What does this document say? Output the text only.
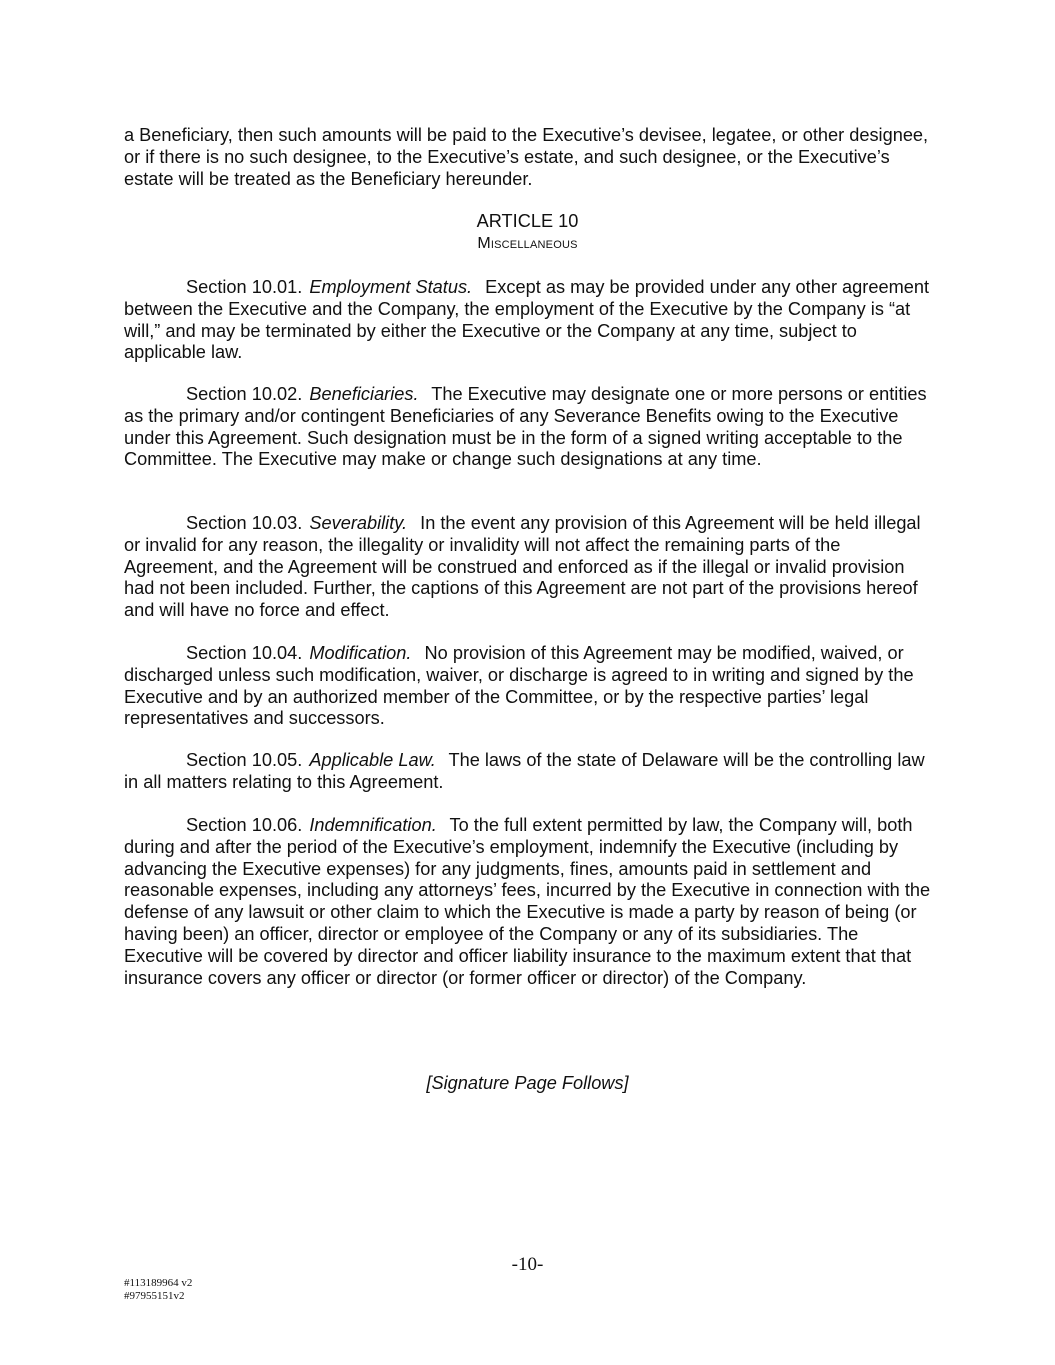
a Beneficiary, then such amounts will be paid to the Executive’s devisee, legatee, or other designee, or if there is no such designee, to the Executive’s estate, and such designee, or the Executive’s estate will be treated as the Beneficiary hereunder.

ARTICLE 10
Miscellaneous

Section 10.01. Employment Status. Except as may be provided under any other agreement between the Executive and the Company, the employment of the Executive by the Company is “at will,” and may be terminated by either the Executive or the Company at any time, subject to applicable law.

Section 10.02. Beneficiaries. The Executive may designate one or more persons or entities as the primary and/or contingent Beneficiaries of any Severance Benefits owing to the Executive under this Agreement. Such designation must be in the form of a signed writing acceptable to the Committee. The Executive may make or change such designations at any time.

Section 10.03. Severability. In the event any provision of this Agreement will be held illegal or invalid for any reason, the illegality or invalidity will not affect the remaining parts of the Agreement, and the Agreement will be construed and enforced as if the illegal or invalid provision had not been included. Further, the captions of this Agreement are not part of the provisions hereof and will have no force and effect.

Section 10.04. Modification. No provision of this Agreement may be modified, waived, or discharged unless such modification, waiver, or discharge is agreed to in writing and signed by the Executive and by an authorized member of the Committee, or by the respective parties’ legal representatives and successors.

Section 10.05. Applicable Law. The laws of the state of Delaware will be the controlling law in all matters relating to this Agreement.

Section 10.06. Indemnification. To the full extent permitted by law, the Company will, both during and after the period of the Executive’s employment, indemnify the Executive (including by advancing the Executive expenses) for any judgments, fines, amounts paid in settlement and reasonable expenses, including any attorneys’ fees, incurred by the Executive in connection with the defense of any lawsuit or other claim to which the Executive is made a party by reason of being (or having been) an officer, director or employee of the Company or any of its subsidiaries. The Executive will be covered by director and officer liability insurance to the maximum extent that that insurance covers any officer or director (or former officer or director) of the Company.

[Signature Page Follows]
-10-
#113189964 v2
#97955151v2
